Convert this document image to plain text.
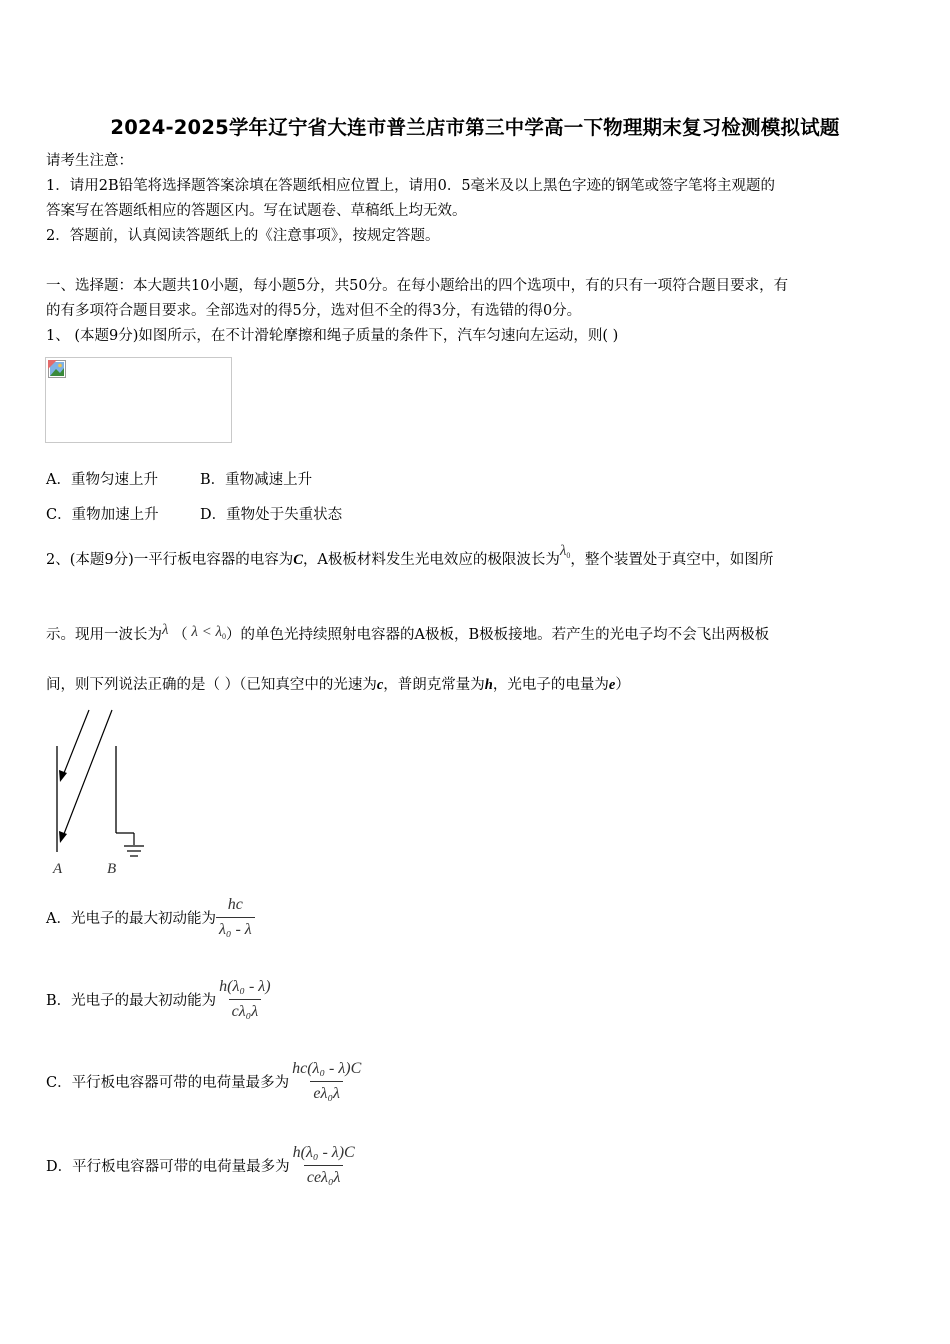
2024-2025学年辽宁省大连市普兰店市第三中学高一下物理期末复习检测模拟试题
请考生注意：
1．请用2B铅笔将选择题答案涂填在答题纸相应位置上，请用0．5毫米及以上黑色字迹的钢笔或签字笔将主观题的
答案写在答题纸相应的答题区内。写在试题卷、草稿纸上均无效。
2．答题前，认真阅读答题纸上的《注意事项》，按规定答题。
一、选择题：本大题共10小题，每小题5分，共50分。在每小题给出的四个选项中，有的只有一项符合题目要求，有
的有多项符合题目要求。全部选对的得5分，选对但不全的得3分，有选错的得0分。
1、 (本题9分)如图所示，在不计滑轮摩擦和绳子质量的条件下，汽车匀速向左运动，则( )
A．重物匀速上升	B．重物减速上升
C．重物加速上升	D．重物处于失重状态
2、(本题9分)一平行板电容器的电容为C，A极板材料发生光电效应的极限波长为$\lambda_0$，整个装置处于真空中，如图所
示。现用一波长为λ （ $\lambda < \lambda_0$）的单色光持续照射电容器的A极板，B极板接地。若产生的光电子均不会飞出两极板
间，则下列说法正确的是（ ）（已知真空中的光速为c，普朗克常量为h，光电子的电量为e）
A	B
A．光电子的最大初动能为 $\frac{hc}{\text{λ₀ - λ}}$
B．光电子的最大初动能为 $\frac{\text{h(λ₀ - λ)}}{\text{cλ₀λ}}$
C．平行板电容器可带的电荷量最多为 $\frac{\text{hc(λ₀ - λ)C}}{\text{eλ₀λ}}$
D．平行板电容器可带的电荷量最多为 $\frac{\text{h(λ₀ - λ)C}}{\text{ceλ₀λ}}$
